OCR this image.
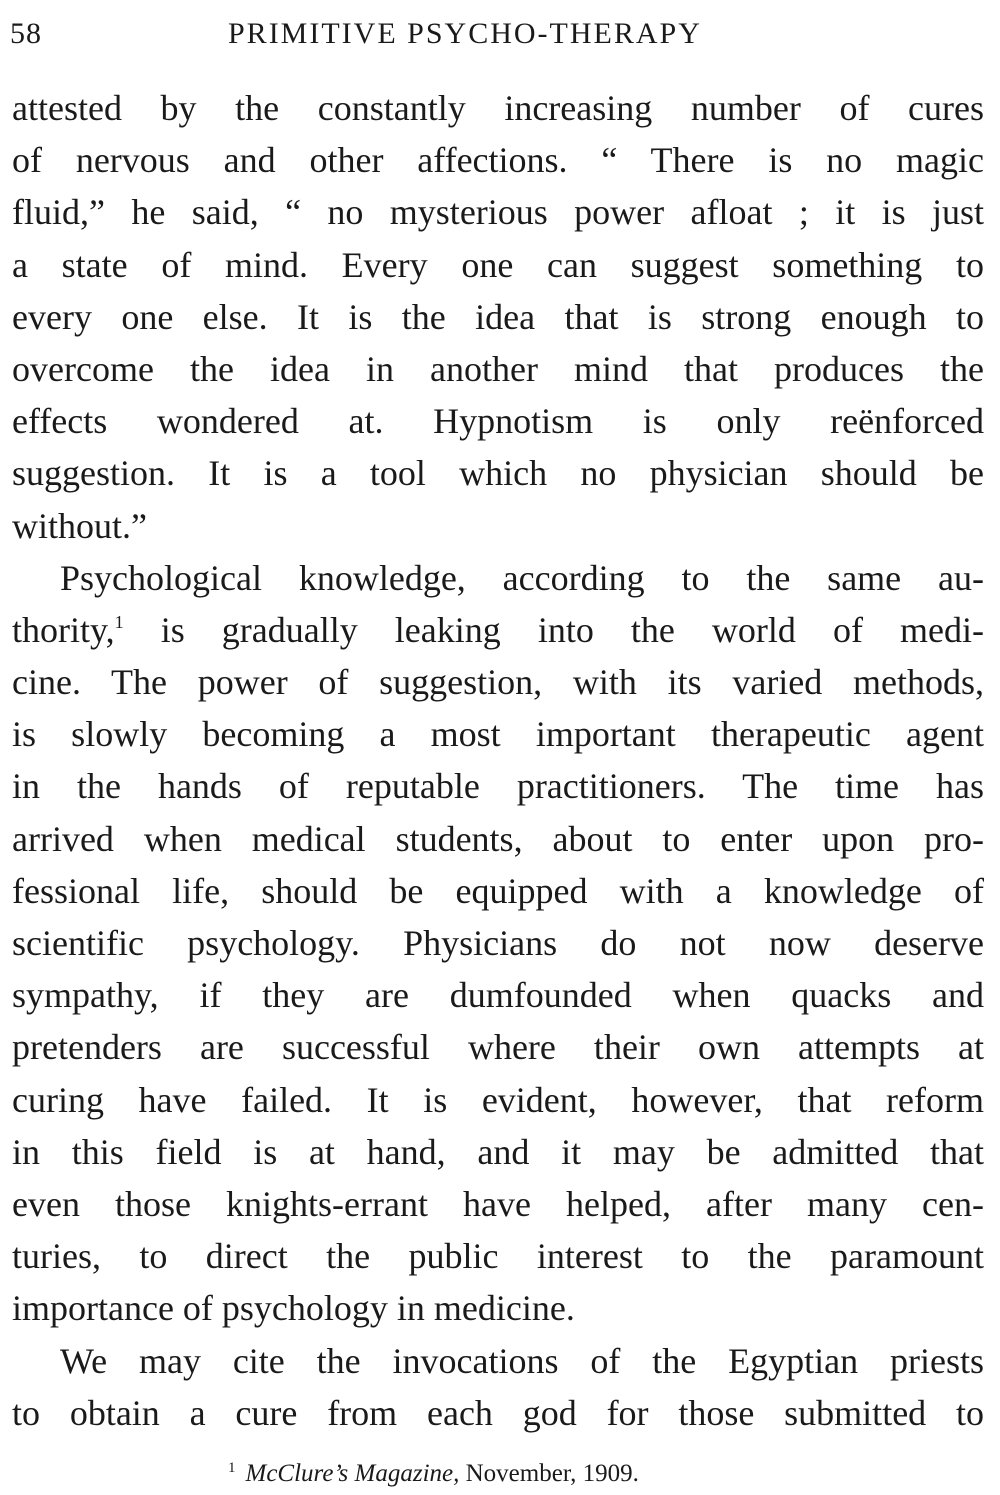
58	PRIMITIVE PSYCHO-THERAPY
attested by the constantly increasing number of cures
of nervous and other affections. “ There is no magic
fluid,” he said, “ no mysterious power afloat ; it is just
a state of mind. Every one can suggest something to
every one else. It is the idea that is strong enough to
overcome the idea in another mind that produces the
effects wondered at. Hypnotism is only reënforced
suggestion. It is a tool which no physician should be
without.”
Psychological knowledge, according to the same au-
thority,$^1$ is gradually leaking into the world of medi-
cine. The power of suggestion, with its varied methods,
is slowly becoming a most important therapeutic agent
in the hands of reputable practitioners. The time has
arrived when medical students, about to enter upon pro-
fessional life, should be equipped with a knowledge of
scientific psychology. Physicians do not now deserve
sympathy, if they are dumfounded when quacks and
pretenders are successful where their own attempts at
curing have failed. It is evident, however, that reform
in this field is at hand, and it may be admitted that
even those knights-errant have helped, after many cen-
turies, to direct the public interest to the paramount
importance of psychology in medicine.
We may cite the invocations of the Egyptian priests
to obtain a cure from each god for those submitted to
$^1$ McClure’s Magazine, November, 1909.
